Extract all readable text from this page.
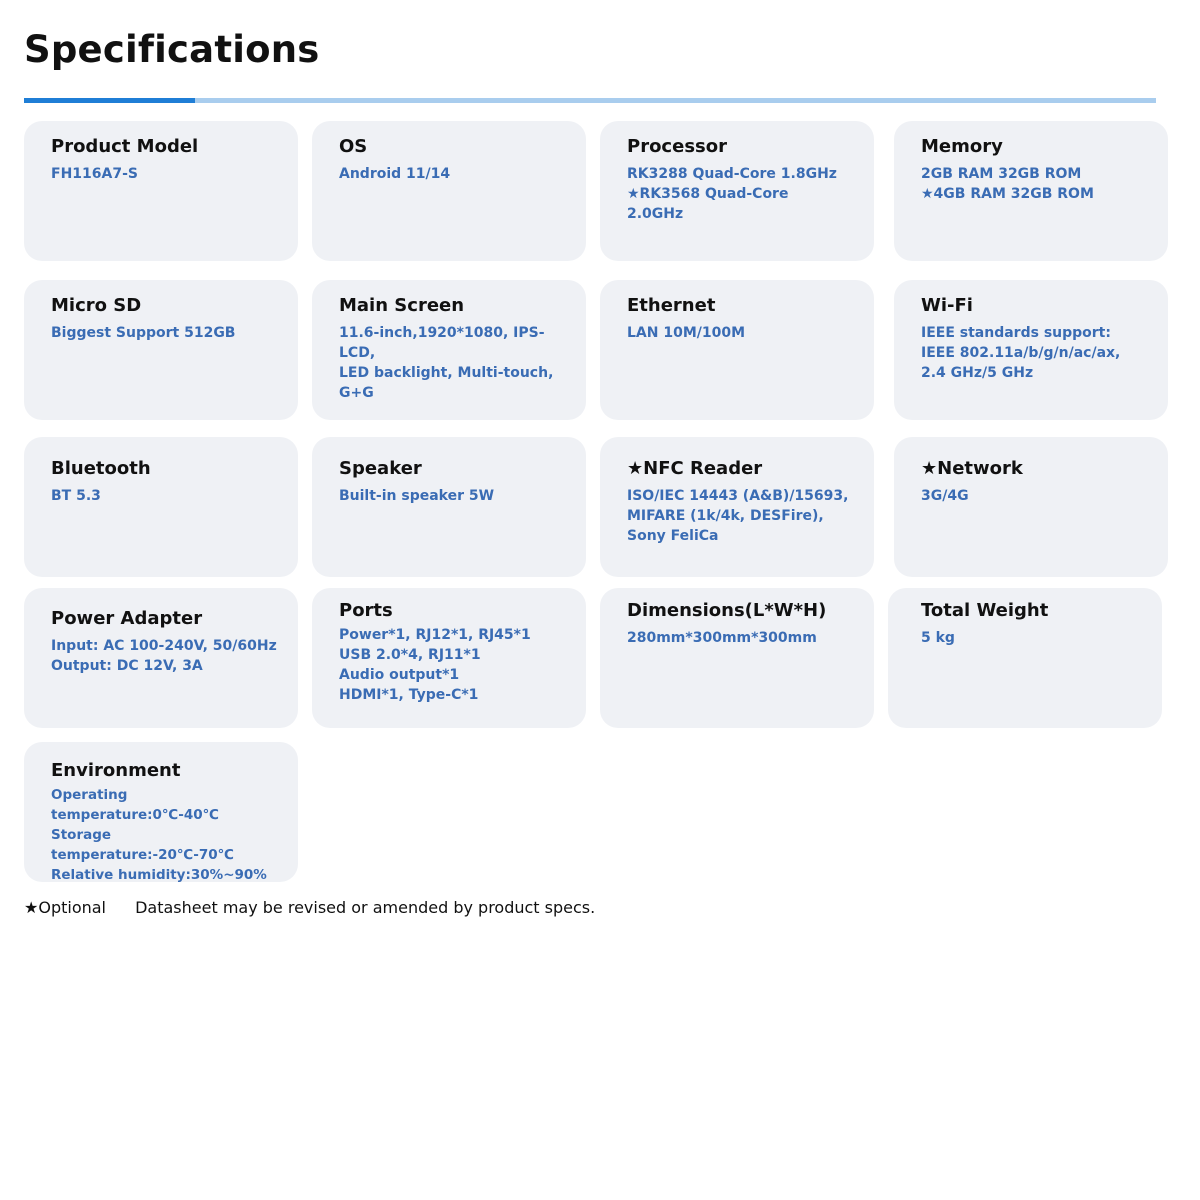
Specifications
Product Model
FH116A7-S
OS
Android 11/14
Processor
RK3288 Quad-Core 1.8GHz
★RK3568 Quad-Core
2.0GHz
Memory
2GB RAM 32GB ROM
★4GB RAM 32GB ROM
Micro SD
Biggest Support 512GB
Main Screen
11.6-inch,1920*1080, IPS-LCD,
LED backlight, Multi-touch,
G+G
Ethernet
LAN 10M/100M
Wi-Fi
IEEE standards support:
IEEE 802.11a/b/g/n/ac/ax,
2.4 GHz/5 GHz
Bluetooth
BT 5.3
Speaker
Built-in speaker 5W
★NFC Reader
ISO/IEC 14443 (A&B)/15693,
MIFARE (1k/4k, DESFire),
Sony FeliCa
★Network
3G/4G
Power Adapter
Input: AC 100-240V, 50/60Hz
Output: DC 12V, 3A
Ports
Power*1, RJ12*1, RJ45*1
USB 2.0*4, RJ11*1
Audio output*1
HDMI*1, Type-C*1
Dimensions(L*W*H)
280mm*300mm*300mm
Total Weight
5 kg
Environment
Operating
temperature:0℃-40℃
Storage temperature:-20℃-70℃
Relative humidity:30%~90%
★Optional Datasheet may be revised or amended by product specs.
